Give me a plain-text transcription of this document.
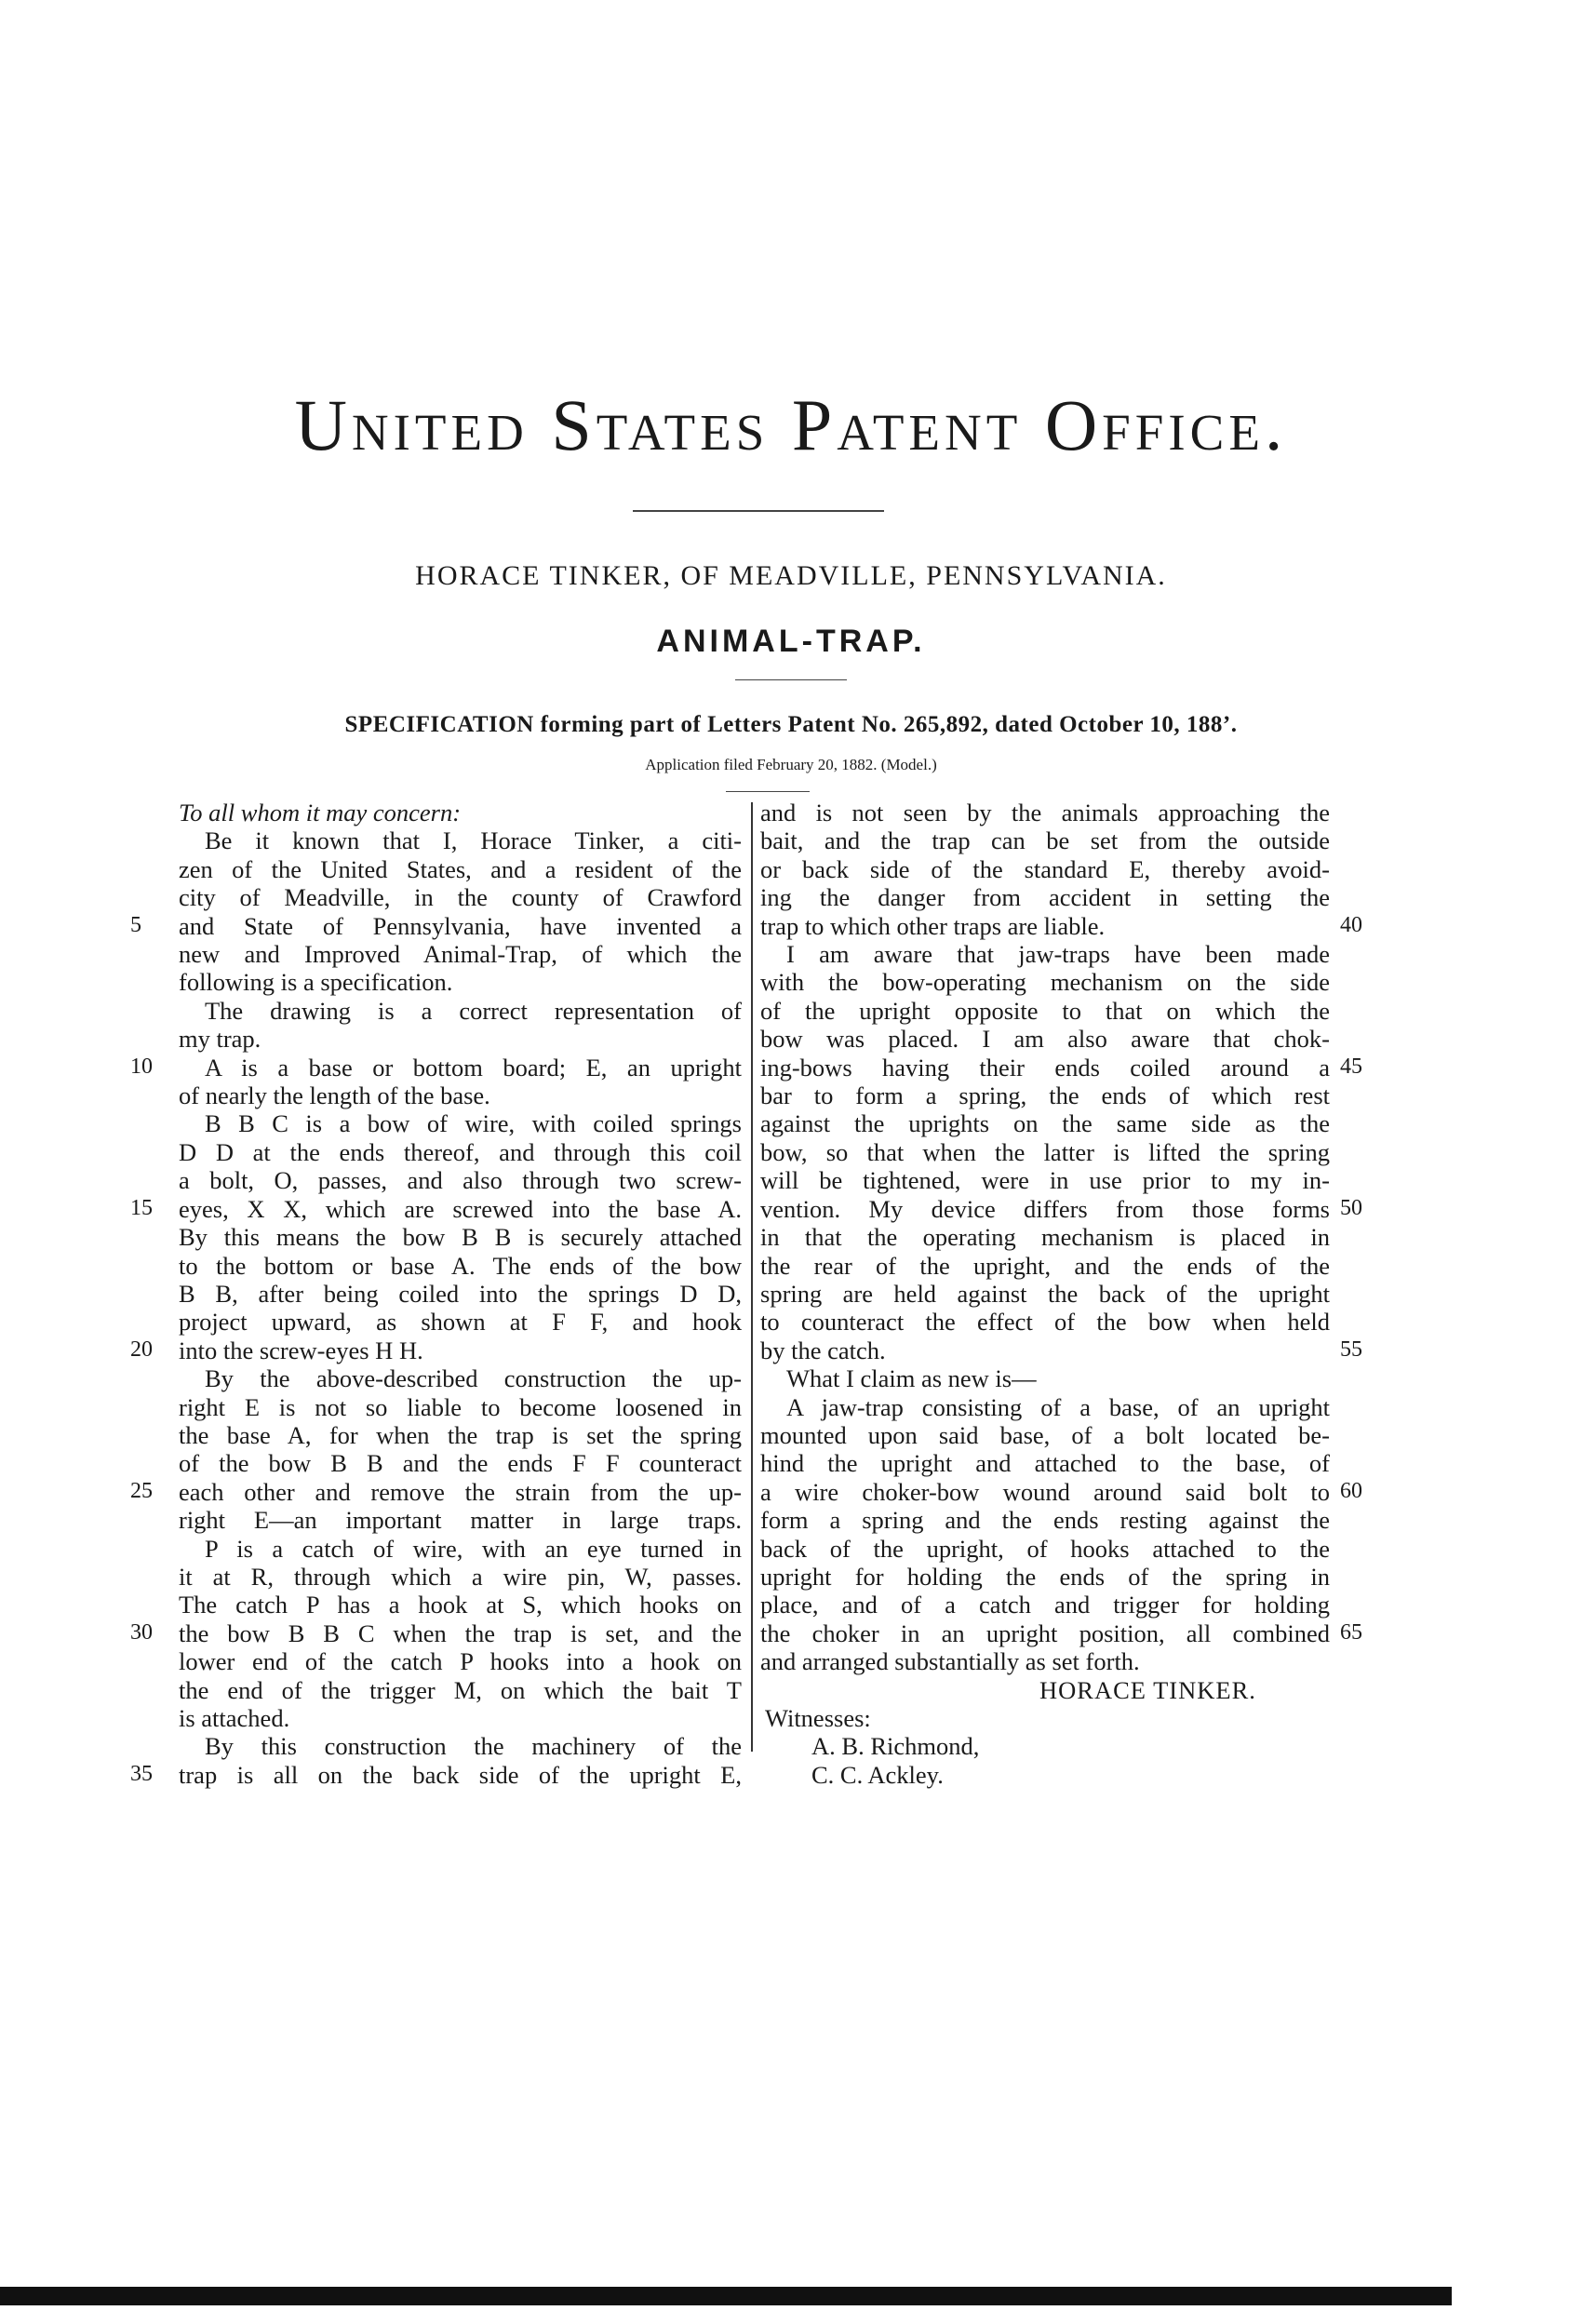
United States Patent Office.
HORACE TINKER, OF MEADVILLE, PENNSYLVANIA.
ANIMAL-TRAP.
SPECIFICATION forming part of Letters Patent No. 265,892, dated October 10, 188’.
Application filed February 20, 1882. (Model.)
To all whom it may concern:
Be it known that I, Horace Tinker, a citi-
zen of the United States, and a resident of the
city of Meadville, in the county of Crawford
and State of Pennsylvania, have invented a
new and Improved Animal-Trap, of which the
following is a specification.
The drawing is a correct representation of
my trap.
A is a base or bottom board; E, an upright
of nearly the length of the base.
B B C is a bow of wire, with coiled springs
D D at the ends thereof, and through this coil
a bolt, O, passes, and also through two screw-
eyes, X X, which are screwed into the base A.
By this means the bow B B is securely attached
to the bottom or base A. The ends of the bow
B B, after being coiled into the springs D D,
project upward, as shown at F F, and hook
into the screw-eyes H H.
By the above-described construction the up-
right E is not so liable to become loosened in
the base A, for when the trap is set the spring
of the bow B B and the ends F F counteract
each other and remove the strain from the up-
right E—an important matter in large traps.
P is a catch of wire, with an eye turned in
it at R, through which a wire pin, W, passes.
The catch P has a hook at S, which hooks on
the bow B B C when the trap is set, and the
lower end of the catch P hooks into a hook on
the end of the trigger M, on which the bait T
is attached.
By this construction the machinery of the
trap is all on the back side of the upright E,
and is not seen by the animals approaching the
bait, and the trap can be set from the outside
or back side of the standard E, thereby avoid-
ing the danger from accident in setting the
trap to which other traps are liable.
I am aware that jaw-traps have been made
with the bow-operating mechanism on the side
of the upright opposite to that on which the
bow was placed. I am also aware that chok-
ing-bows having their ends coiled around a
bar to form a spring, the ends of which rest
against the uprights on the same side as the
bow, so that when the latter is lifted the spring
will be tightened, were in use prior to my in-
vention. My device differs from those forms
in that the operating mechanism is placed in
the rear of the upright, and the ends of the
spring are held against the back of the upright
to counteract the effect of the bow when held
by the catch.
What I claim as new is—
A jaw-trap consisting of a base, of an upright
mounted upon said base, of a bolt located be-
hind the upright and attached to the base, of
a wire choker-bow wound around said bolt to
form a spring and the ends resting against the
back of the upright, of hooks attached to the
upright for holding the ends of the spring in
place, and of a catch and trigger for holding
the choker in an upright position, all combined
and arranged substantially as set forth.
HORACE TINKER.
Witnesses:
A. B. Richmond,
C. C. Ackley.
5
10
15
20
25
30
35
40
45
50
55
60
65
